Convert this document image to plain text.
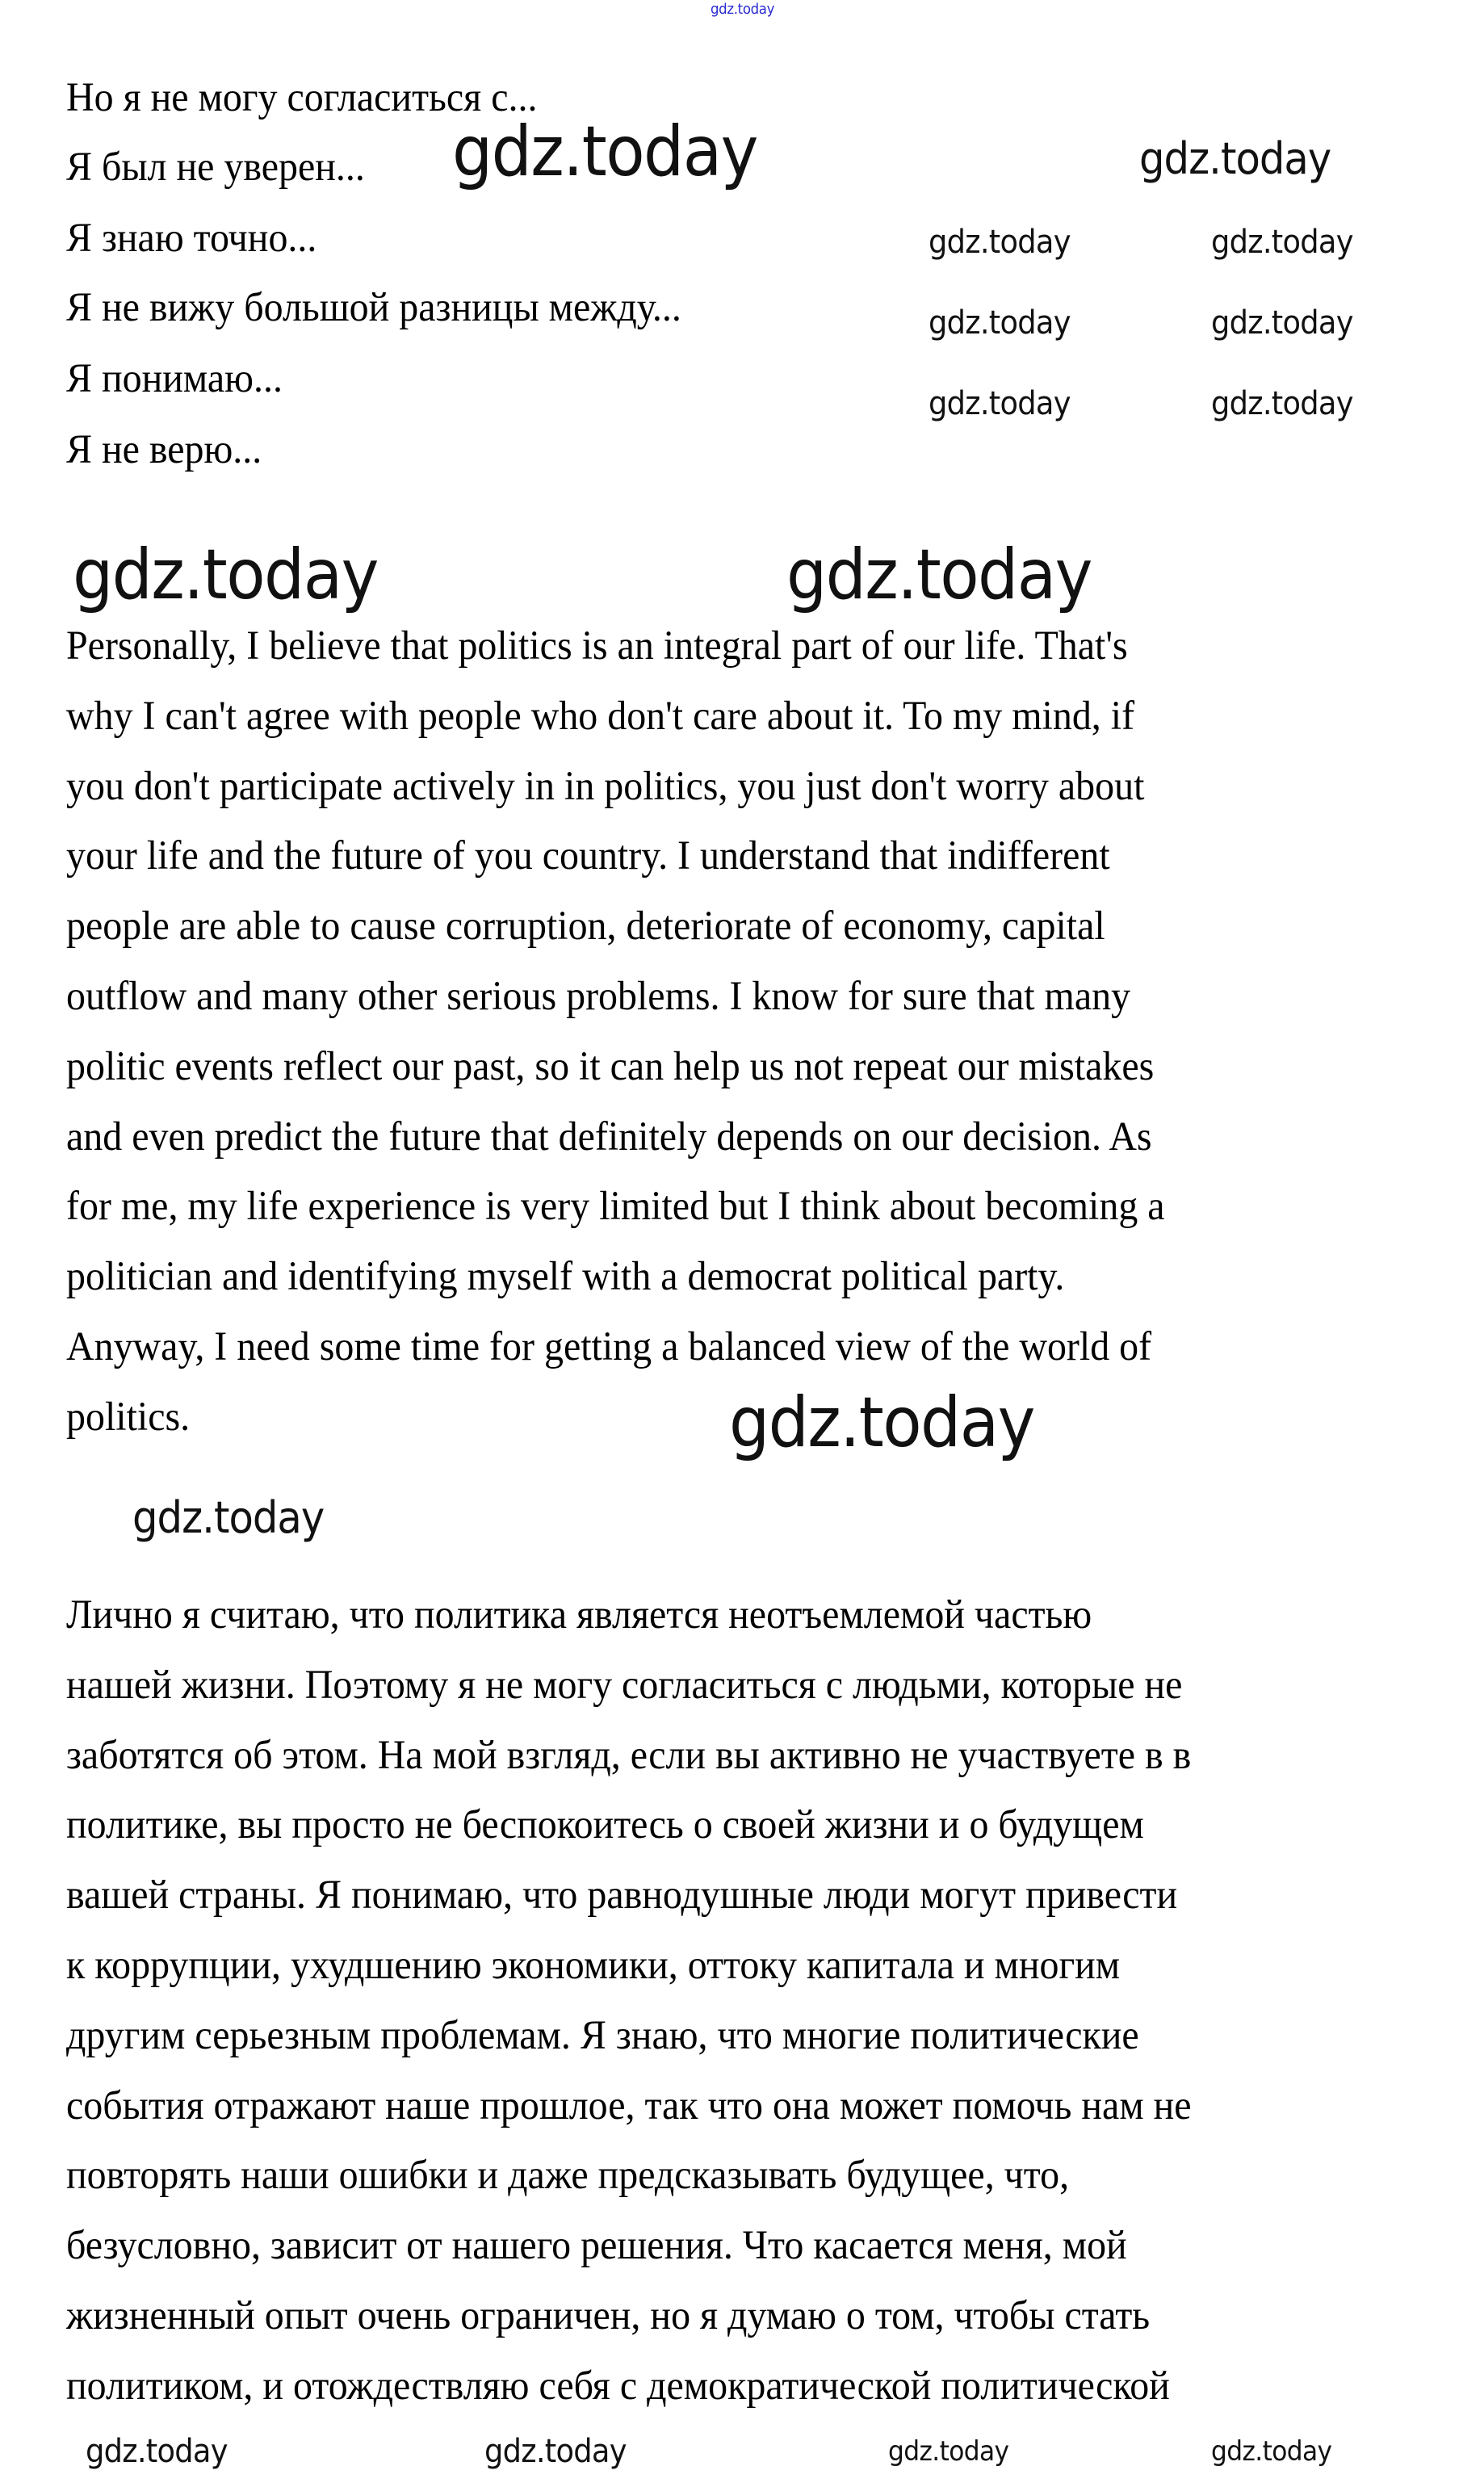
Но я не могу согласиться с...
Я был не уверен...
Я знаю точно...
Я не вижу большой разницы между...
Я понимаю...
Я не верю...
Personally, I believe that politics is an integral part of our life. That's
why I can't agree with people who don't care about it. To my mind, if
you don't participate actively in in politics, you just don't worry about
your life and the future of you country. I understand that indifferent
people are able to cause corruption, deteriorate of economy, capital
outflow and many other serious problems. I know for sure that many
politic events reflect our past, so it can help us not repeat our mistakes
and even predict the future that definitely depends on our decision. As
for me, my life experience is very limited but I think about becoming a
politician and identifying myself with a democrat political party.
Anyway, I need some time for getting a balanced view of the world of
politics.
Лично я считаю, что политика является неотъемлемой частью
нашей жизни. Поэтому я не могу согласиться с людьми, которые не
заботятся об этом. На мой взгляд, если вы активно не участвуете в в
политике, вы просто не беспокоитесь о своей жизни и о будущем
вашей страны. Я понимаю, что равнодушные люди могут привести
к коррупции, ухудшению экономики, оттоку капитала и многим
другим серьезным проблемам. Я знаю, что многие политические
события отражают наше прошлое, так что она может помочь нам не
повторять наши ошибки и даже предсказывать будущее, что,
безусловно, зависит от нашего решения. Что касается меня, мой
жизненный опыт очень ограничен, но я думаю о том, чтобы стать
политиком, и отождествляю себя с демократической политической
gdz.today
gdz.today	gdz.today
gdz.today	gdz.today
gdz.today
gdz.today
gdz.today
gdz.today
gdz.today	gdz.today
gdz.today	gdz.today
gdz.today	gdz.today	gdz.today	gdz.today
